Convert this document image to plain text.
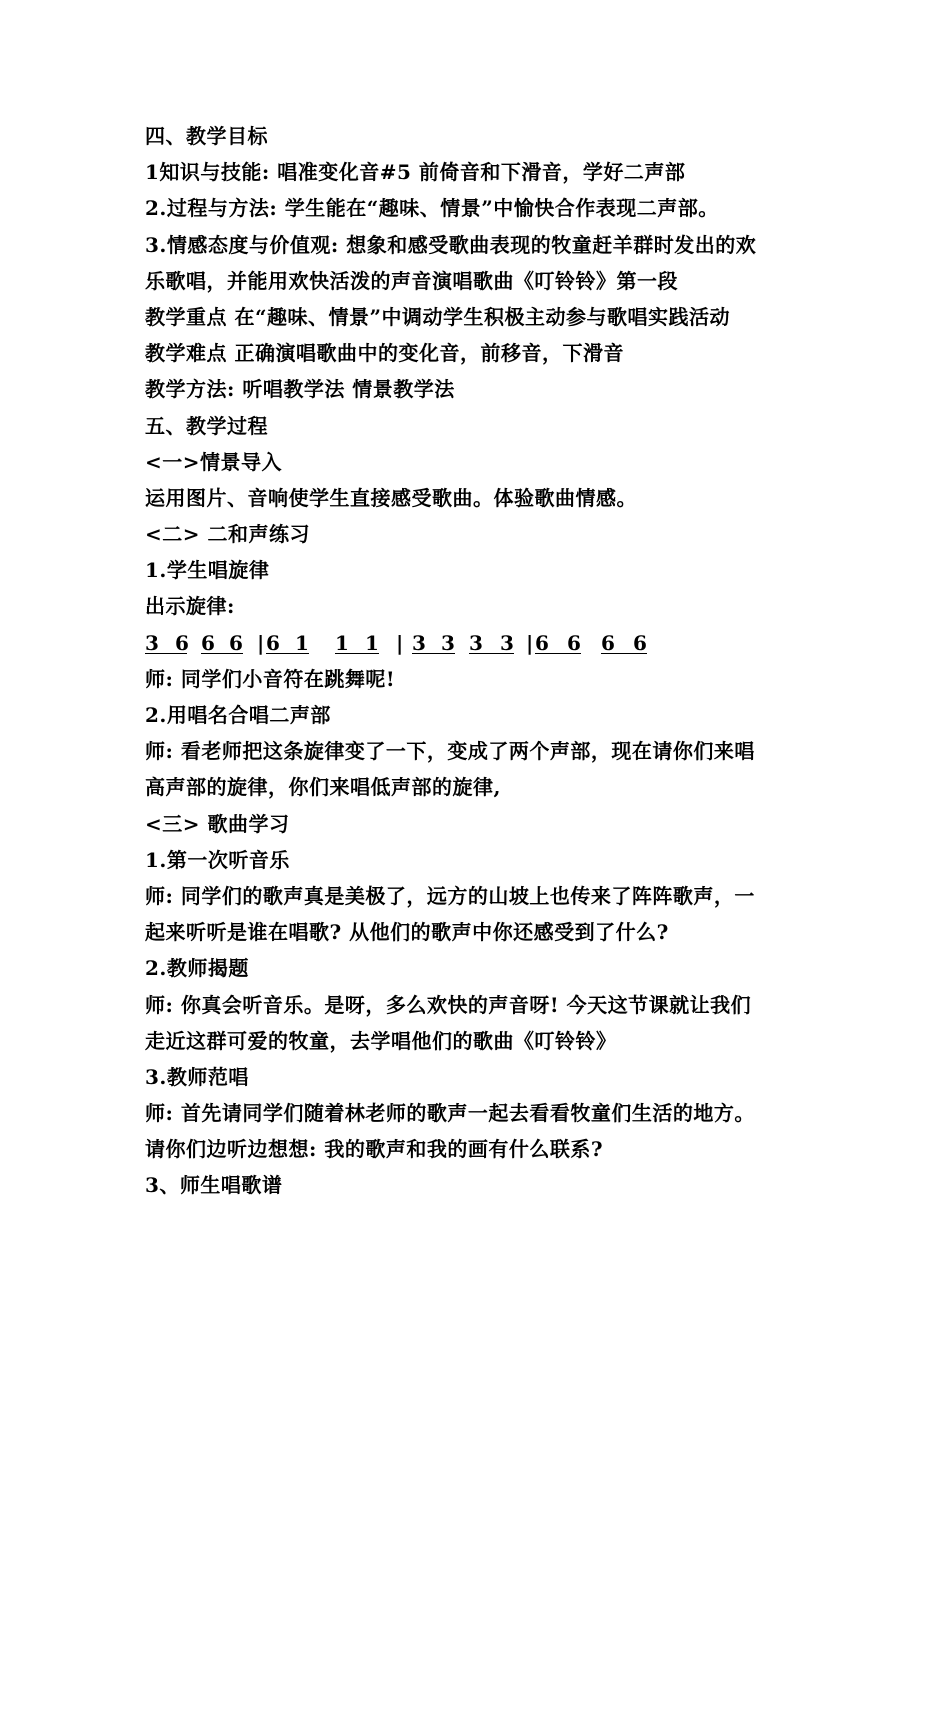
四、教学目标
1知识与技能: 唱准变化音#5 前倚音和下滑音，学好二声部
2.过程与方法: 学生能在“趣味、情景”中愉快合作表现二声部。
3.情感态度与价值观: 想象和感受歌曲表现的牧童赶羊群时发出的欢
乐歌唱，并能用欢快活泼的声音演唱歌曲《叮铃铃》第一段
教学重点 在“趣味、情景”中调动学生积极主动参与歌唱实践活动
教学难点 正确演唱歌曲中的变化音，前移音，下滑音
教学方法: 听唱教学法 情景教学法
五、教学过程
<一>情景导入
运用图片、音响使学生直接感受歌曲。体验歌曲情感。
<二> 二和声练习
1.学生唱旋律
出示旋律:

3

6

6

6

|

6

1

1

1

|

3

3

3

3

|

6

6

6

6

师: 同学们小音符在跳舞呢!
2.用唱名合唱二声部
师: 看老师把这条旋律变了一下，变成了两个声部，现在请你们来唱
高声部的旋律，你们来唱低声部的旋律,
<三> 歌曲学习
1.第一次听音乐
师: 同学们的歌声真是美极了，远方的山坡上也传来了阵阵歌声，一
起来听听是谁在唱歌? 从他们的歌声中你还感受到了什么?
2.教师揭题
师: 你真会听音乐。是呀，多么欢快的声音呀! 今天这节课就让我们
走近这群可爱的牧童，去学唱他们的歌曲《叮铃铃》
3.教师范唱
师: 首先请同学们随着林老师的歌声一起去看看牧童们生活的地方。
请你们边听边想想: 我的歌声和我的画有什么联系?
3、师生唱歌谱
